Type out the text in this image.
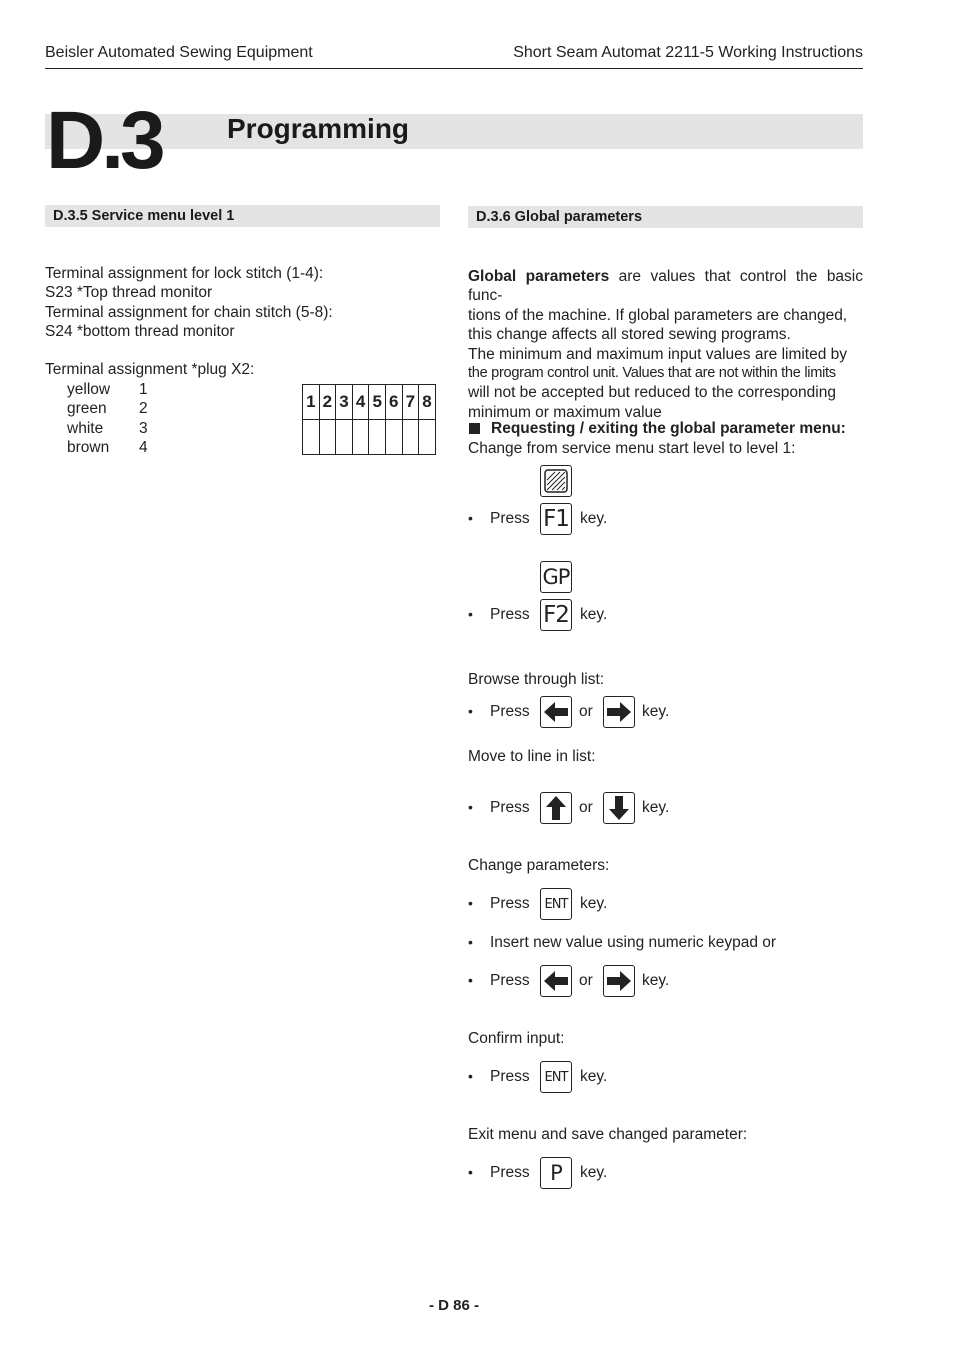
Beisler Automated Sewing Equipment	Short Seam Automat 2211-5 Working Instructions
D.3 Programming
D.3.5 Service menu level 1
Terminal assignment for lock stitch (1-4):
S23 *Top thread monitor
Terminal assignment for chain stitch (5-8):
S24 *bottom thread monitor
Terminal assignment *plug X2:
yellow 1
green 2
white 3
brown 4
1	2	3	4	5	6	7	8

D.3.6 Global parameters
Global parameters are values that control the basic func-
tions of the machine. If global parameters are changed,
this change affects all stored sewing programs.
The minimum and maximum input values are limited by
the program control unit. Values that are not within the limits
will not be accepted but reduced to the corresponding
minimum or maximum value
Requesting / exiting the global parameter menu:
Change from service menu start level to level 1:
• Press F1 key.
GP
• Press F2 key.
Browse through list:
• Press	or	key.
Move to line in list:
• Press	or	key.
Change parameters:
• Press	ENT key.
• Insert new value using numeric keypad or
• Press	or	key.
Confirm input:
• Press	ENT key.
Exit menu and save changed parameter:
• Press P	key.
- D 86 -
